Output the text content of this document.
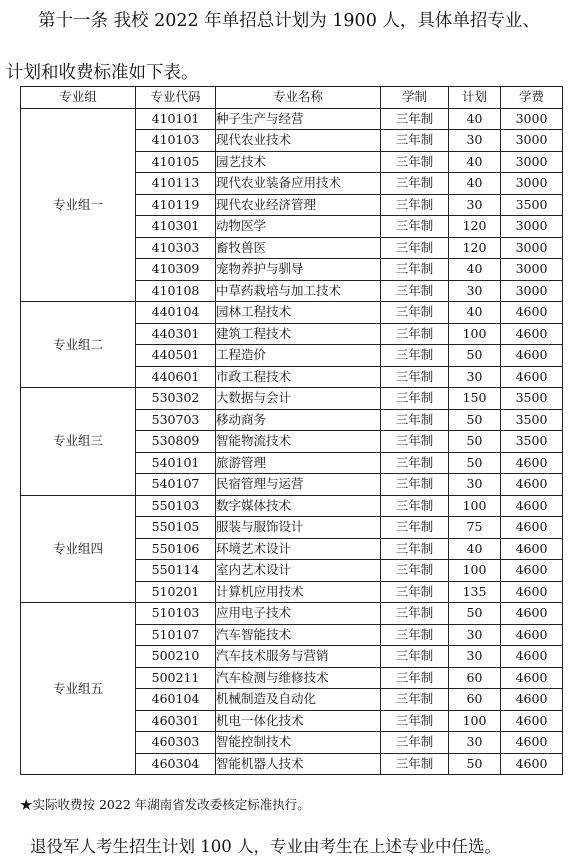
第十一条 我校 2022 年单招总计划为 1900 人，具体单招专业、
计划和收费标准如下表。
专业组	专业代码	专业名称	学制	计划	学费
专业组一	410101	种子生产与经营	三年制	40	3000
	410103	现代农业技术	三年制	30	3000
	410105	园艺技术	三年制	40	3000
	410113	现代农业装备应用技术	三年制	40	3000
	410119	现代农业经济管理	三年制	30	3500
	410301	动物医学	三年制	120	3000
	410303	畜牧兽医	三年制	120	3000
	410309	宠物养护与驯导	三年制	40	3000
	410108	中草药栽培与加工技术	三年制	30	3000
专业组二	440104	园林工程技术	三年制	40	4600
	440301	建筑工程技术	三年制	100	4600
	440501	工程造价	三年制	50	4600
	440601	市政工程技术	三年制	30	4600
专业组三	530302	大数据与会计	三年制	150	3500
	530703	移动商务	三年制	50	3500
	530809	智能物流技术	三年制	50	3500
	540101	旅游管理	三年制	50	4600
	540107	民宿管理与运营	三年制	30	4600
专业组四	550103	数字媒体技术	三年制	100	4600
	550105	服装与服饰设计	三年制	75	4600
	550106	环境艺术设计	三年制	40	4600
	550114	室内艺术设计	三年制	100	4600
	510201	计算机应用技术	三年制	135	4600
专业组五	510103	应用电子技术	三年制	50	4600
	510107	汽车智能技术	三年制	30	4600
	500210	汽车技术服务与营销	三年制	30	4600
	500211	汽车检测与维修技术	三年制	60	4600
	460104	机械制造及自动化	三年制	60	4600
	460301	机电一体化技术	三年制	100	4600
	460303	智能控制技术	三年制	30	4600
	460304	智能机器人技术	三年制	50	4600
★实际收费按 2022 年湖南省发改委核定标准执行。
退役军人考生招生计划 100 人，专业由考生在上述专业中任选。
